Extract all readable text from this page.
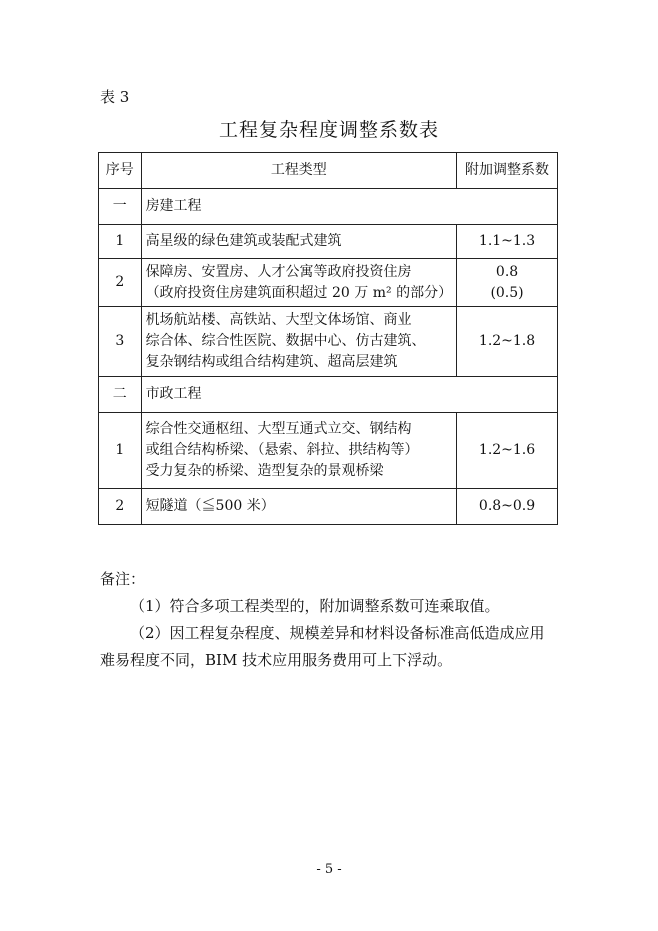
表 3
工程复杂程度调整系数表
序号	工程类型	附加调整系数
一	房建工程	
1	高星级的绿色建筑或装配式建筑	1.1~1.3

2	保障房、安置房、人才公寓等政府投资住房
（政府投资住房建筑面积超过 20 万 m² 的部分）	0.8
(0.5)

3	机场航站楼、高铁站、大型文体场馆、商业
综合体、综合性医院、数据中心、仿古建筑、
复杂钢结构或组合结构建筑、超高层建筑	1.2~1.8

二	市政工程	
1	综合性交通枢纽、大型互通式立交、钢结构
或组合结构桥梁、（悬索、斜拉、拱结构等）
受力复杂的桥梁、造型复杂的景观桥梁	1.2~1.6

2	短隧道（≦500 米）	0.8~0.9
备注：
（1）符合多项工程类型的，附加调整系数可连乘取值。
（2）因工程复杂程度、规模差异和材料设备标准高低造成应用
难易程度不同，BIM 技术应用服务费用可上下浮动。
- 5 -
